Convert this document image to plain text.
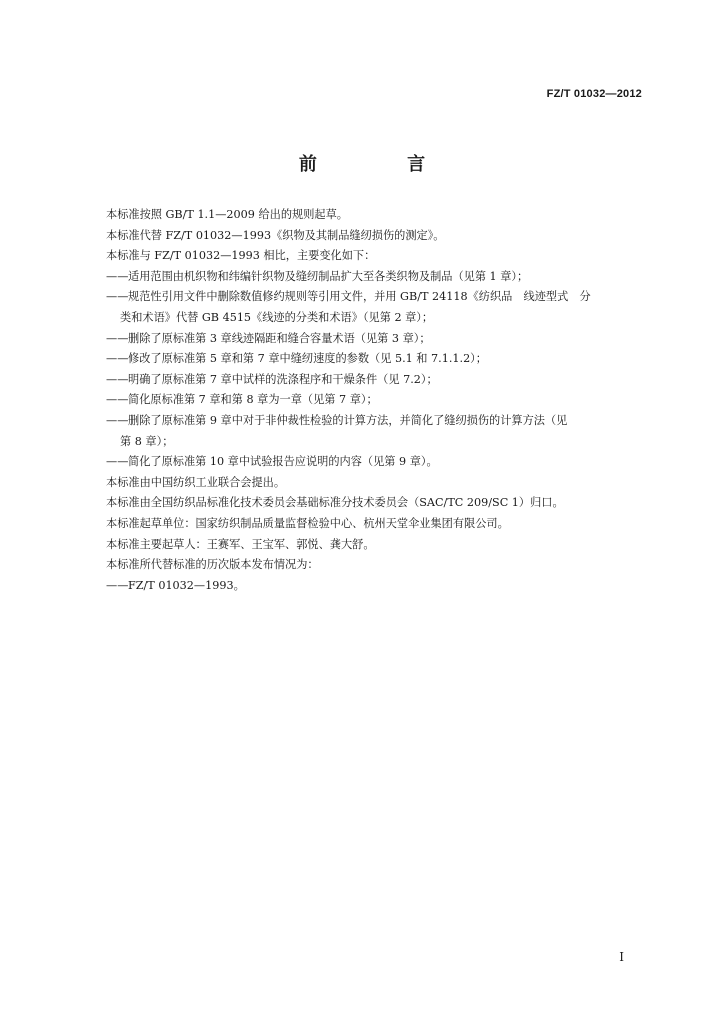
FZ/T 01032—2012
前 言
本标准按照 GB/T 1.1—2009 给出的规则起草。
本标准代替 FZ/T 01032—1993《织物及其制品缝纫损伤的测定》。
本标准与 FZ/T 01032—1993 相比，主要变化如下：
——适用范围由机织物和纬编针织物及缝纫制品扩大至各类织物及制品（见第 1 章）；
——规范性引用文件中删除数值修约规则等引用文件，并用 GB/T 24118《纺织品　线迹型式　分
类和术语》代替 GB 4515《线迹的分类和术语》（见第 2 章）；
——删除了原标准第 3 章线迹隔距和缝合容量术语（见第 3 章）；
——修改了原标准第 5 章和第 7 章中缝纫速度的参数（见 5.1 和 7.1.1.2）；
——明确了原标准第 7 章中试样的洗涤程序和干燥条件（见 7.2）；
——简化原标准第 7 章和第 8 章为一章（见第 7 章）；
——删除了原标准第 9 章中对于非仲裁性检验的计算方法，并简化了缝纫损伤的计算方法（见
第 8 章）；
——简化了原标准第 10 章中试验报告应说明的内容（见第 9 章）。
本标准由中国纺织工业联合会提出。
本标准由全国纺织品标准化技术委员会基础标准分技术委员会（SAC/TC 209/SC 1）归口。
本标准起草单位：国家纺织制品质量监督检验中心、杭州天堂伞业集团有限公司。
本标准主要起草人：王赛军、王宝军、郭悦、龚大舒。
本标准所代替标准的历次版本发布情况为：
——FZ/T 01032—1993。
I
